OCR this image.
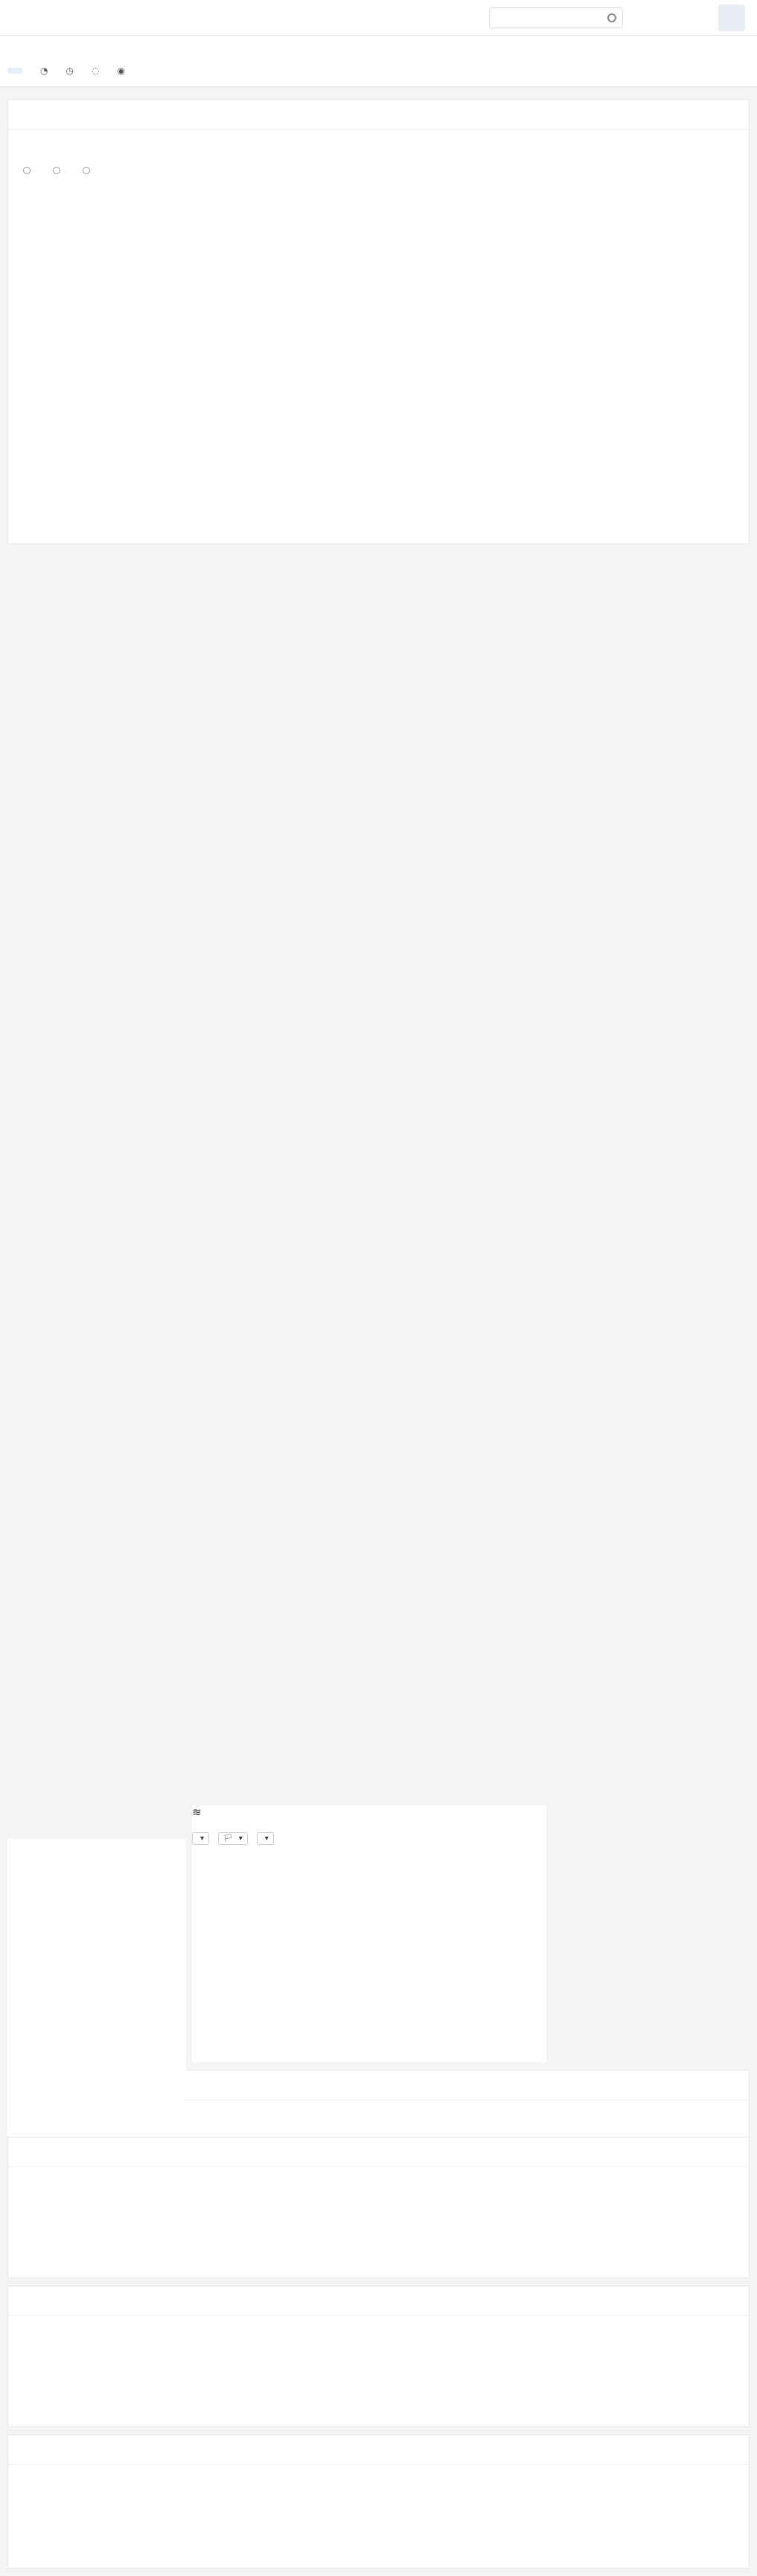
◔ ◷ ◌ ◉
≋
▾	🏳 ▾	▾
